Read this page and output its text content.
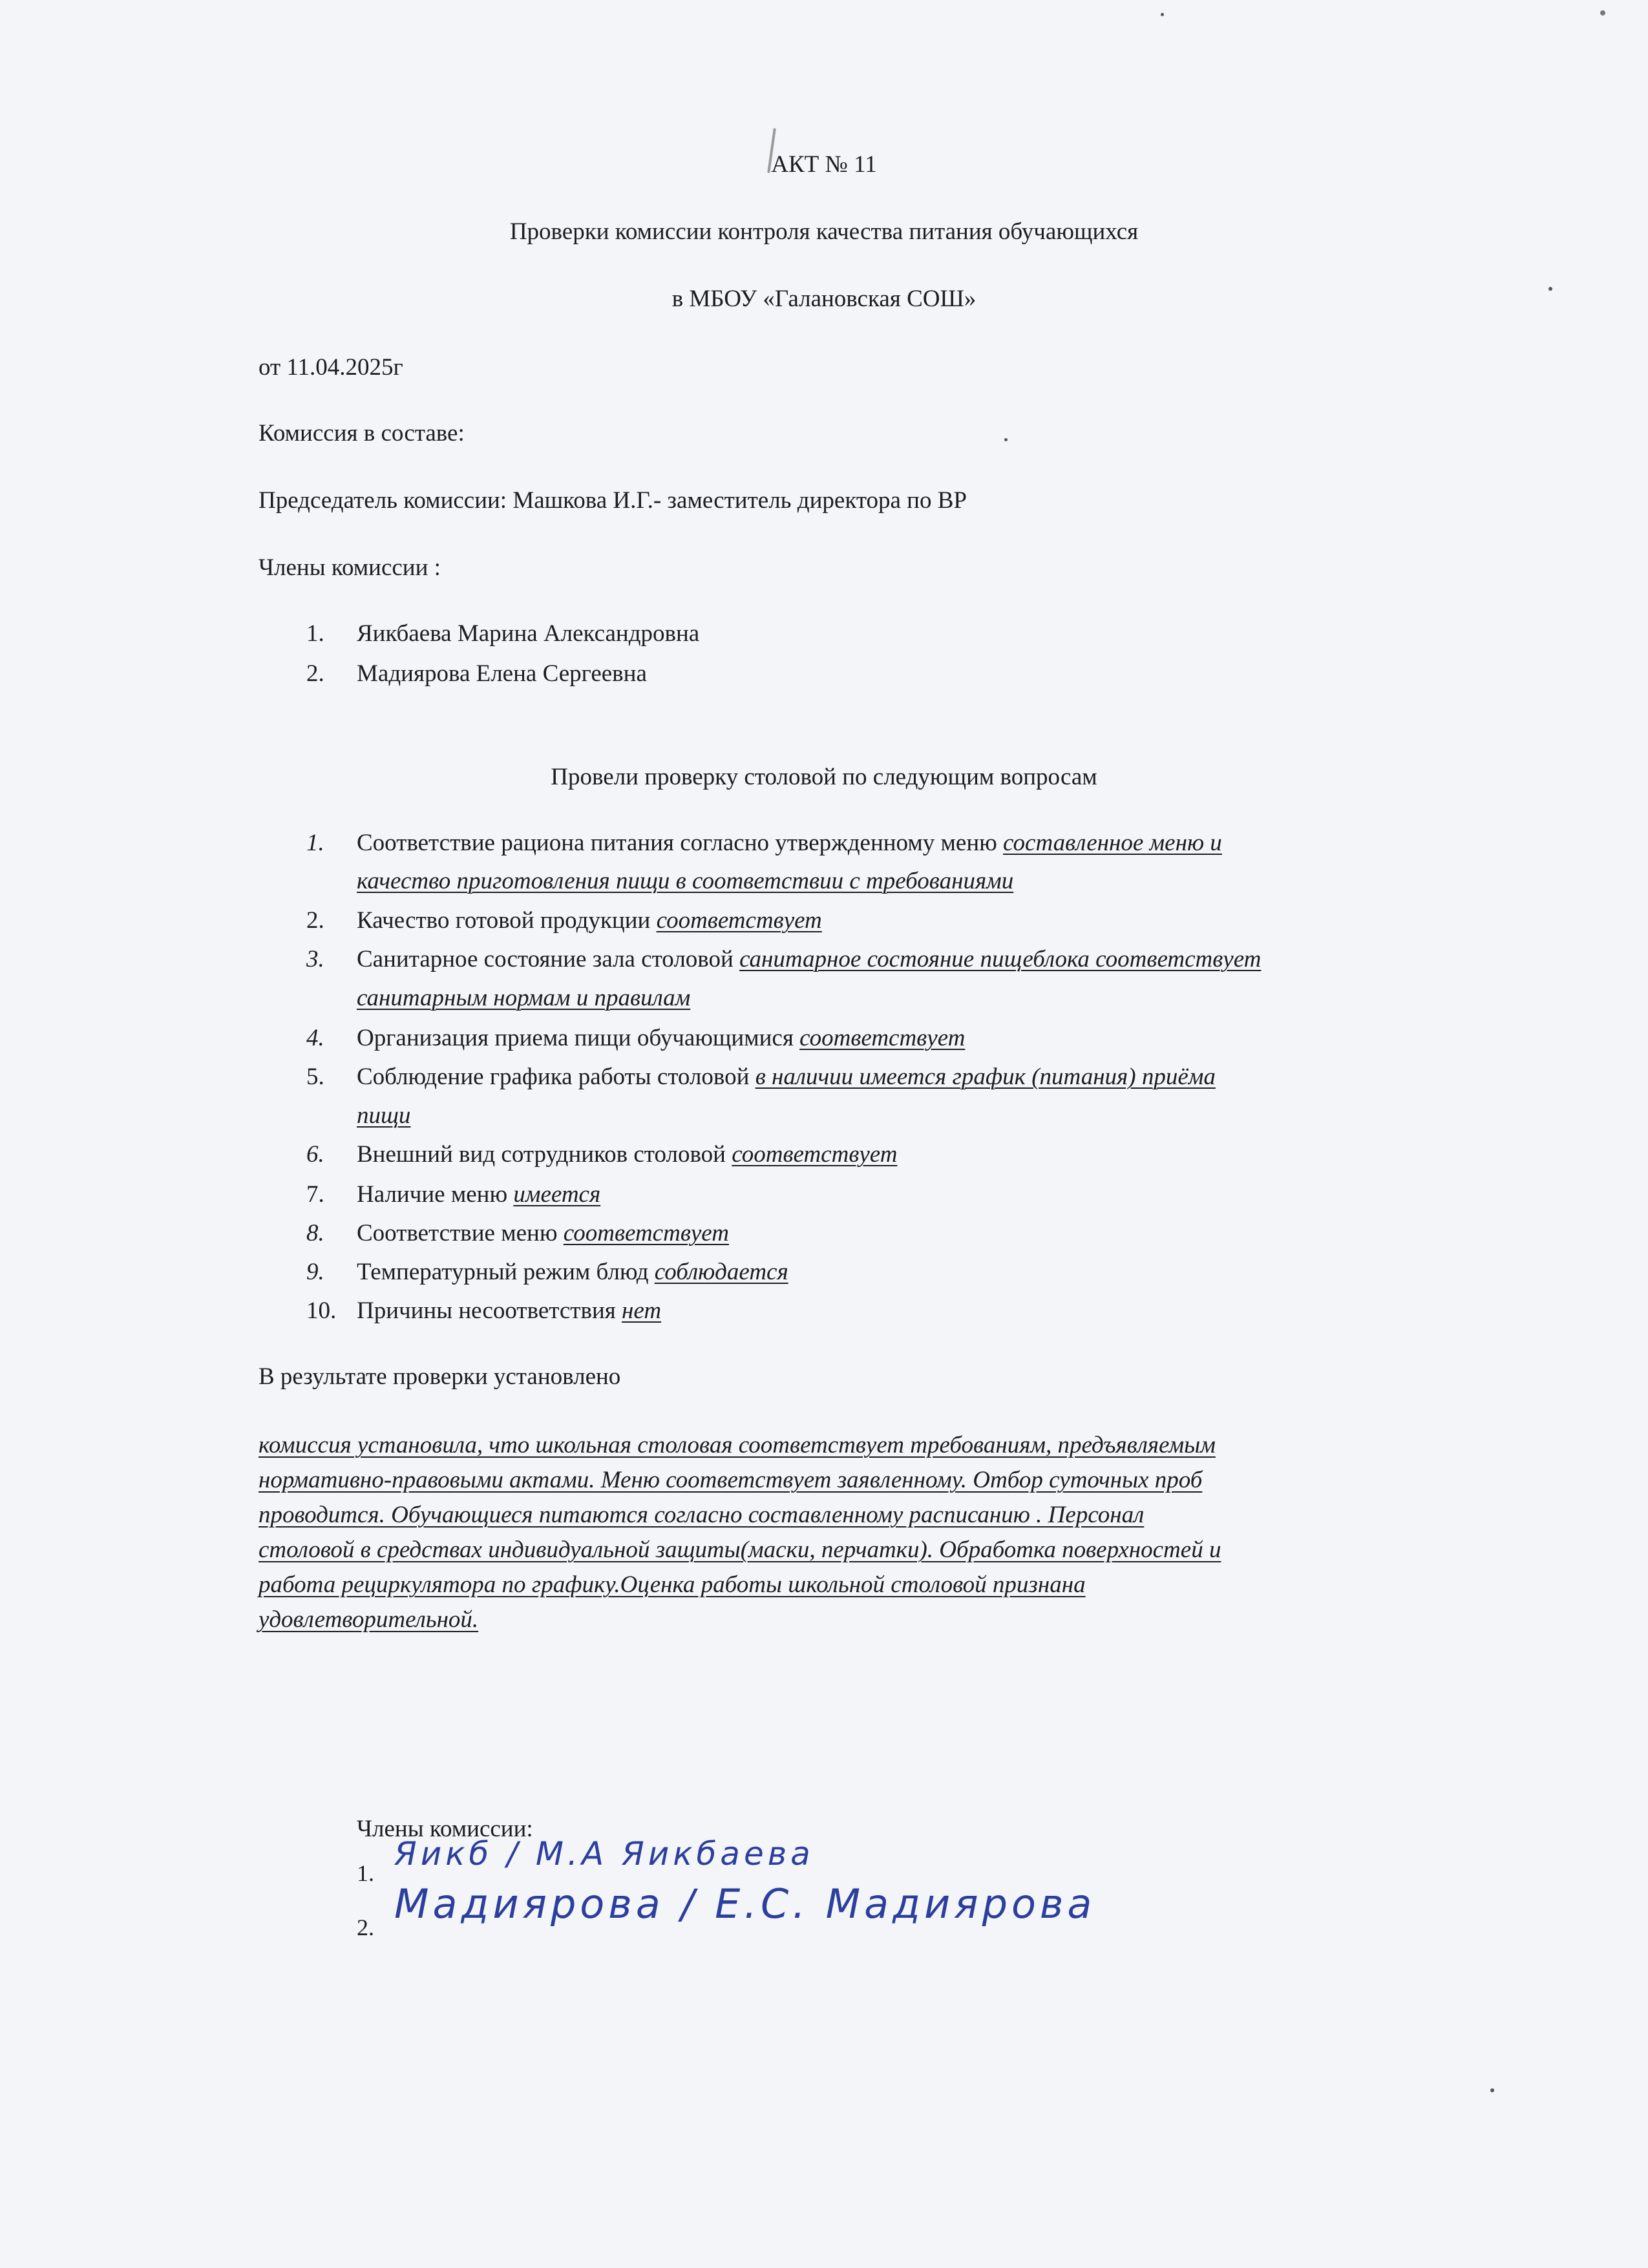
АКТ № 11
Проверки комиссии контроля качества питания обучающихся
в МБОУ «Галановская СОШ»
от 11.04.2025г
Комиссия в составе:
Председатель комиссии: Машкова И.Г.- заместитель директора по ВР
Члены комиссии :
1. Яикбаева Марина Александровна
2. Мадиярова Елена Сергеевна
Провели проверку столовой по следующим вопросам
1. Соответствие рациона питания согласно утвержденному меню составленное меню и
качество приготовления пищи в соответствии с требованиями
2. Качество готовой продукции соответствует
3. Санитарное состояние зала столовой санитарное состояние пищеблока соответствует
санитарным нормам и правилам
4. Организация приема пищи обучающимися соответствует
5. Соблюдение графика работы столовой в наличии имеется график (питания) приёма
пищи
6. Внешний вид сотрудников столовой соответствует
7. Наличие меню имеется
8. Соответствие меню соответствует
9. Температурный режим блюд соблюдается
10. Причины несоответствия нет
В результате проверки установлено

комиссия установила, что школьная столовая соответствует требованиям, предъявляемым

нормативно-правовыми актами. Меню соответствует заявленному. Отбор суточных проб

проводится. Обучающиеся питаются согласно составленному расписанию . Персонал

столовой в средствах индивидуальной защиты(маски, перчатки). Обработка поверхностей и

работа рециркулятора по графику.Оценка работы школьной столовой признана

удовлетворительной.

Члены комиссии:
1.
Яикб / М.А Яикбаева
2. Мадиярова / Е.С. Мадиярова
